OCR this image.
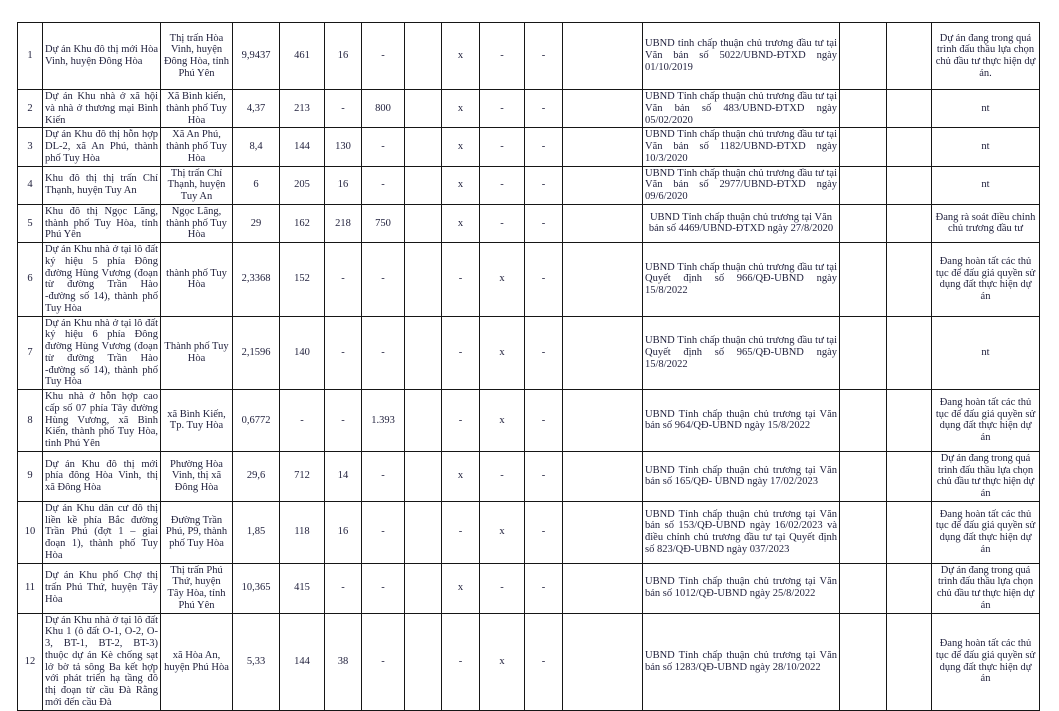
1	Dự án Khu đô thị mới Hòa Vinh, huyện Đông Hòa	Thị trấn Hòa Vinh, huyện Đông Hòa, tỉnh Phú Yên	9,9437	461	16	-		x	-	-		UBND tỉnh chấp thuận chủ trương đầu tư tại Văn bản số 5022/UBND-ĐTXD ngày 01/10/2019			Dự án đang trong quá trình đấu thầu lựa chọn chủ đầu tư thực hiện dự án.
2	Dự án Khu nhà ở xã hội và nhà ở thương mại Bình Kiến	Xã Bình kiến, thành phố Tuy Hòa	4,37	213	-	800		x	-	-		UBND Tỉnh chấp thuận chủ trương đầu tư tại Văn bản số 483/UBND-ĐTXD ngày 05/02/2020			nt
3	Dự án Khu đô thị hỗn hợp DL-2, xã An Phú, thành phố Tuy Hòa	Xã An Phú, thành phố Tuy Hòa	8,4	144	130	-		x	-	-		UBND Tỉnh chấp thuận chủ trương đầu tư tại Văn bản số 1182/UBND-ĐTXD ngày 10/3/2020			nt
4	Khu đô thị thị trấn Chí Thạnh, huyện Tuy An	Thị trấn Chí Thạnh, huyện Tuy An	6	205	16	-		x	-	-		UBND Tỉnh chấp thuận chủ trương đầu tư tại Văn bản số 2977/UBND-ĐTXD ngày 09/6/2020			nt
5	Khu đô thị Ngọc Lãng, thành phố Tuy Hòa, tỉnh Phú Yên	Ngọc Lãng, thành phố Tuy Hòa	29	162	218	750		x	-	-		UBND Tỉnh chấp thuận chủ trương tại Văn bản số 4469/UBND-ĐTXD ngày 27/8/2020			Đang rà soát điều chỉnh chủ trương đầu tư
6	Dự án Khu nhà ở tại lô đất ký hiệu 5 phía Đông đường Hùng Vương (đoạn từ đường Trần Hào -đường số 14), thành phố Tuy Hòa	thành phố Tuy Hòa	2,3368	152	-	-		-	x	-		UBND Tỉnh chấp thuận chủ trương đầu tư tại Quyết định số 966/QĐ-UBND ngày 15/8/2022			Đang hoàn tất các thủ tục để đấu giá quyền sử dụng đất thực hiện dự án
7	Dự án Khu nhà ở tại lô đất ký hiệu 6 phía Đông đường Hùng Vương (đoạn từ đường Trần Hào -đường số 14), thành phố Tuy Hòa	Thành phố Tuy Hòa	2,1596	140	-	-		-	x	-		UBND Tỉnh chấp thuận chủ trương đầu tư tại Quyết định số 965/QĐ-UBND ngày 15/8/2022			nt
8	Khu nhà ở hỗn hợp cao cấp số 07 phía Tây đường Hùng Vương, xã Bình Kiến, thành phố Tuy Hòa, tỉnh Phú Yên	xã Bình Kiến, Tp. Tuy Hòa	0,6772	-	-	1.393		-	x	-		UBND Tỉnh chấp thuận chủ trương tại Văn bản số 964/QĐ-UBND ngày 15/8/2022			Đang hoàn tất các thủ tục để đấu giá quyền sử dụng đất thực hiện dự án
9	Dự án Khu đô thị mới phía đông Hòa Vinh, thị xã Đông Hòa	Phường Hòa Vinh, thị xã Đông Hòa	29,6	712	14	-		x	-	-		UBND Tỉnh chấp thuận chủ trương tại Văn bản số 165/QĐ- UBND ngày 17/02/2023			Dự án đang trong quá trình đấu thầu lựa chọn chủ đầu tư thực hiện dự án
10	Dự án Khu dân cư đô thị liền kề phía Bắc đường Trần Phú (đợt 1 – giai đoạn 1), thành phố Tuy Hòa	Đường Trần Phú, P9, thành phố Tuy Hòa	1,85	118	16	-		-	x	-		UBND Tỉnh chấp thuận chủ trương tại Văn bản số 153/QĐ-UBND ngày 16/02/2023 và điều chỉnh chủ trương đầu tư tại Quyết định số 823/QĐ-UBND ngày 037/2023			Đang hoàn tất các thủ tục để đấu giá quyền sử dụng đất thực hiện dự án
11	Dự án Khu phố Chợ thị trấn Phú Thứ, huyện Tây Hòa	Thị trấn Phú Thứ, huyện Tây Hòa, tỉnh Phú Yên	10,365	415	-	-		x	-	-		UBND Tỉnh chấp thuận chủ trương tại Văn bản số 1012/QĐ-UBND ngày 25/8/2022			Dự án đang trong quá trình đấu thầu lựa chọn chủ đầu tư thực hiện dự án
12	Dự án Khu nhà ở tại lô đất Khu 1 (ô đất O-1, O-2, O-3, BT-1, BT-2, BT-3) thuộc dự án Kè chống sạt lở bờ tả sông Ba kết hợp với phát triển hạ tầng đô thị đoạn từ cầu Đà Rằng mới đến cầu Đà	xã Hòa An, huyện Phú Hòa	5,33	144	38	-		-	x	-		UBND Tỉnh chấp thuận chủ trương tại Văn bản số 1283/QĐ-UBND ngày 28/10/2022			Đang hoàn tất các thủ tục để đấu giá quyền sử dụng đất thực hiện dự án
